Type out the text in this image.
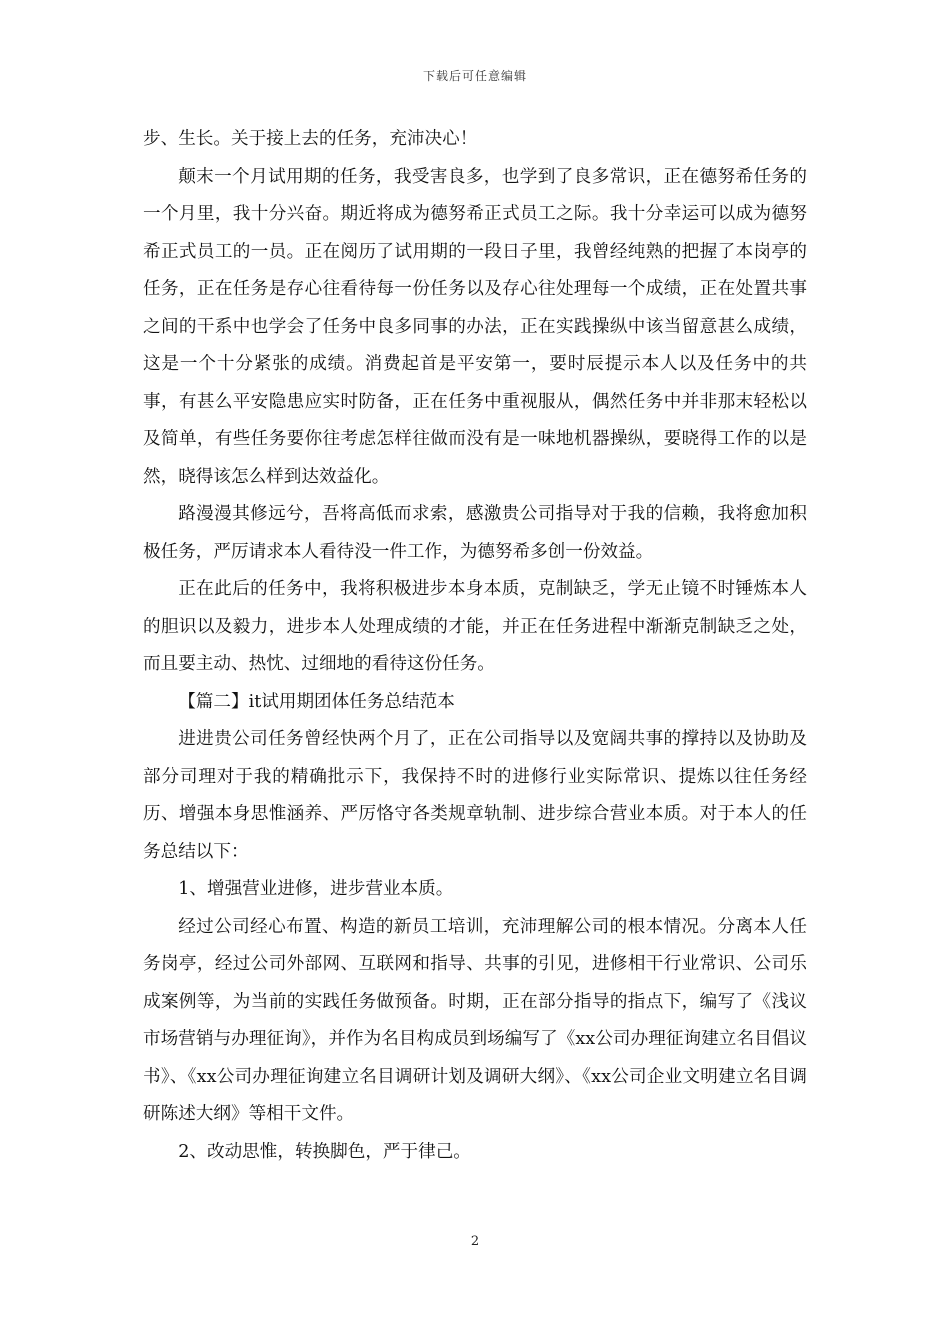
下载后可任意编辑

步、生长。关于接上去的任务，充沛决心！

颠末一个月试用期的任务，我受害良多，也学到了良多常识，正在德努希任务的一个月里，我十分兴奋。期近将成为德努希正式员工之际。我十分幸运可以成为德努希正式员工的一员。正在阅历了试用期的一段日子里，我曾经纯熟的把握了本岗亭的任务，正在任务是存心往看待每一份任务以及存心往处理每一个成绩，正在处置共事之间的干系中也学会了任务中良多同事的办法，正在实践操纵中该当留意甚么成绩，这是一个十分紧张的成绩。消费起首是平安第一，要时辰提示本人以及任务中的共事，有甚么平安隐患应实时防备，正在任务中重视服从，偶然任务中并非那末轻松以及简单，有些任务要你往考虑怎样往做而没有是一味地机器操纵，要晓得工作的以是然，晓得该怎么样到达效益化。

路漫漫其修远兮，吾将高低而求索，感激贵公司指导对于我的信赖，我将愈加积极任务，严厉请求本人看待没一件工作，为德努希多创一份效益。

正在此后的任务中，我将积极进步本身本质，克制缺乏，学无止镜不时锤炼本人的胆识以及毅力，进步本人处理成绩的才能，并正在任务进程中渐渐克制缺乏之处，而且要主动、热忱、过细地的看待这份任务。

【篇二】it试用期团体任务总结范本

进进贵公司任务曾经快两个月了，正在公司指导以及宽阔共事的撑持以及协助及部分司理对于我的精确批示下，我保持不时的进修行业实际常识、提炼以往任务经历、增强本身思惟涵养、严厉恪守各类规章轨制、进步综合营业本质。对于本人的任务总结以下：

1、增强营业进修，进步营业本质。

经过公司经心布置、构造的新员工培训，充沛理解公司的根本情况。分离本人任务岗亭，经过公司外部网、互联网和指导、共事的引见，进修相干行业常识、公司乐成案例等，为当前的实践任务做预备。时期，正在部分指导的指点下，编写了《浅议市场营销与办理征询》，并作为名目构成员到场编写了《xx公司办理征询建立名目倡议书》、《xx公司办理征询建立名目调研计划及调研大纲》、《xx公司企业文明建立名目调研陈述大纲》等相干文件。

2、改动思惟，转换脚色，严于律己。

2
